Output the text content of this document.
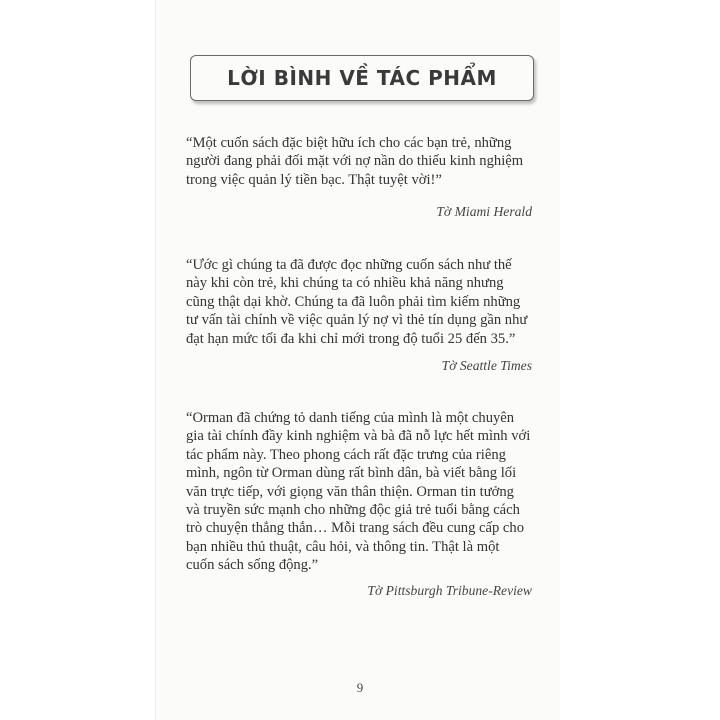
LỜI BÌNH VỀ TÁC PHẨM

“Một cuốn sách đặc biệt hữu ích cho các bạn trẻ, những

người đang phải đối mặt với nợ nần do thiếu kinh nghiệm

trong việc quản lý tiền bạc. Thật tuyệt vời!”

Tờ Miami Herald

“Ước gì chúng ta đã được đọc những cuốn sách như thế

này khi còn trẻ, khi chúng ta có nhiều khả năng nhưng

cũng thật dại khờ. Chúng ta đã luôn phải tìm kiếm những

tư vấn tài chính về việc quản lý nợ vì thẻ tín dụng gần như

đạt hạn mức tối đa khi chỉ mới trong độ tuổi 25 đến 35.”

Tờ Seattle Times

“Orman đã chứng tỏ danh tiếng của mình là một chuyên

gia tài chính đầy kinh nghiệm và bà đã nỗ lực hết mình với

tác phẩm này. Theo phong cách rất đặc trưng của riêng

mình, ngôn từ Orman dùng rất bình dân, bà viết bằng lối

văn trực tiếp, với giọng văn thân thiện. Orman tin tưởng

và truyền sức mạnh cho những độc giả trẻ tuổi bằng cách

trò chuyện thẳng thắn… Mỗi trang sách đều cung cấp cho

bạn nhiều thủ thuật, câu hỏi, và thông tin. Thật là một

cuốn sách sống động.”

Tờ Pittsburgh Tribune-Review
9
